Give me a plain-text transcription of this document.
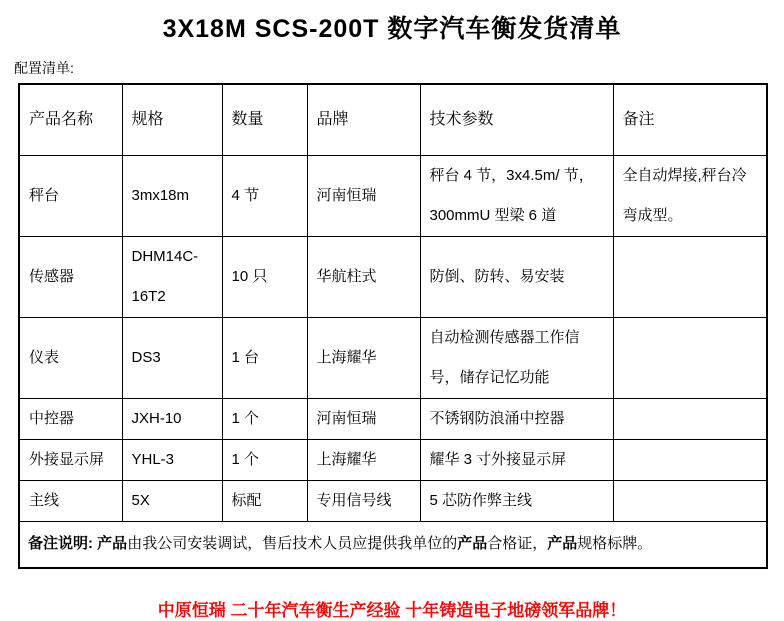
3X18M SCS-200T 数字汽车衡发货清单
配置清单:
产品名称	规格	数量	品牌	技术参数	备注
秤台	3mx18m	4 节	河南恒瑞	秤台 4 节，3x4.5m/ 节，300mmU 型梁 6 道	全自动焊接,秤台冷弯成型。
传感器	DHM14C-16T2	10 只	华航柱式	防倒、防转、易安装	
仪表	DS3	1 台	上海耀华	自动检测传感器工作信号，储存记忆功能	
中控器	JXH-10	1 个	河南恒瑞	不锈钢防浪涌中控器	
外接显示屏	YHL-3	1 个	上海耀华	耀华 3 寸外接显示屏	
主线	5X	标配	专用信号线	5 芯防作弊主线	
备注说明: 产品由我公司安装调试，售后技术人员应提供我单位的产品合格证，产品规格标牌。					
中原恒瑞 二十年汽车衡生产经验 十年铸造电子地磅领军品牌！
